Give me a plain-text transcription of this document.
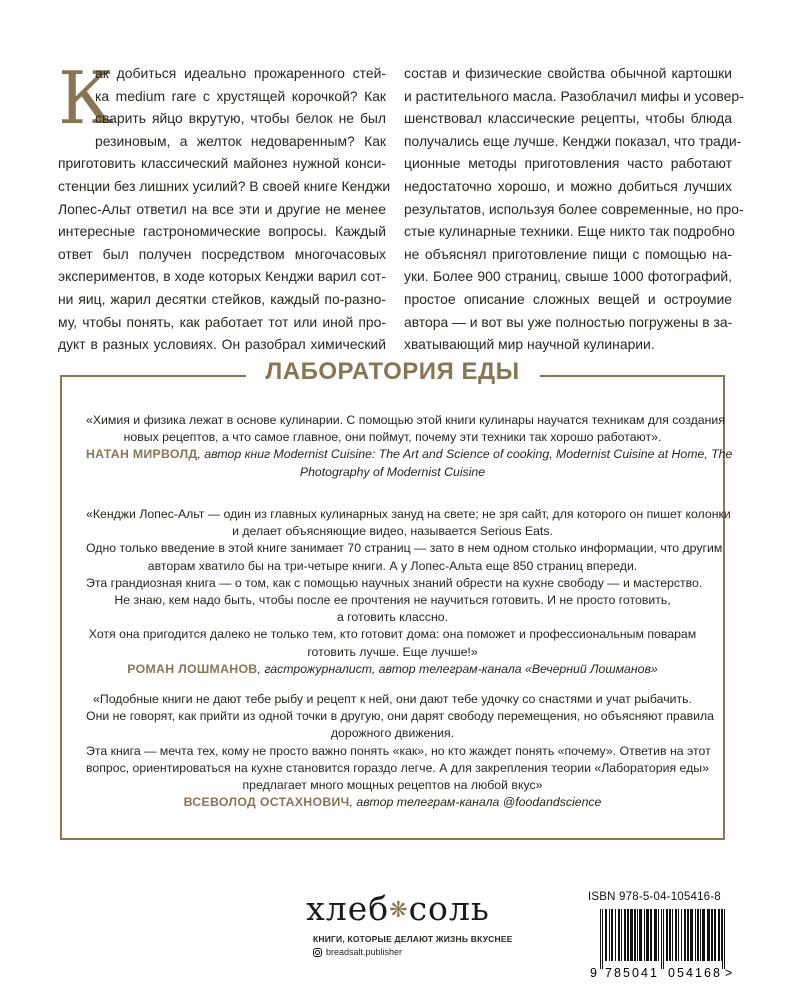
К
ак добиться идеально прожаренного стей-
ка medium rare с хрустящей корочкой? Как
сварить яйцо вкрутую, чтобы белок не был
резиновым, а желток недоваренным? Как
приготовить классический майонез нужной конси-
стенции без лишних усилий? В своей книге Кенджи
Лопес-Альт ответил на все эти и другие не менее
интересные гастрономические вопросы. Каждый
ответ был получен посредством многочасовых
экспериментов, в ходе которых Кенджи варил сот-
ни яиц, жарил десятки стейков, каждый по-разно-
му, чтобы понять, как работает тот или иной про-
дукт в разных условиях. Он разобрал химический
состав и физические свойства обычной картошки
и растительного масла. Разоблачил мифы и усовер-
шенствовал классические рецепты, чтобы блюда
получались еще лучше. Кенджи показал, что тради-
ционные методы приготовления часто работают
недостаточно хорошо, и можно добиться лучших
результатов, используя более современные, но про-
стые кулинарные техники. Еще никто так подробно
не объяснял приготовление пищи с помощью на-
уки. Более 900 страниц, свыше 1000 фотографий,
простое описание сложных вещей и остроумие
автора — и вот вы уже полностью погружены в за-
хватывающий мир научной кулинарии.
ЛАБОРАТОРИЯ ЕДЫ
«Химия и физика лежат в основе кулинарии. С помощью этой книги кулинары научатся техникам для создания
новых рецептов, а что самое главное, они поймут, почему эти техники так хорошо работают».
НАТАН МИРВОЛД, автор книг Modernist Cuisine: The Art and Science of cooking, Modernist Cuisine at Home, The
Photography of Modernist Cuisine
«Кенджи Лопес-Альт — один из главных кулинарных зануд на свете; не зря сайт, для которого он пишет колонки
и делает объясняющие видео, называется Serious Eats.
Одно только введение в этой книге занимает 70 страниц — зато в нем одном столько информации, что другим
авторам хватило бы на три-четыре книги. А у Лопес-Альта еще 850 страниц впереди.
Эта грандиозная книга — о том, как с помощью научных знаний обрести на кухне свободу — и мастерство.
Не знаю, кем надо быть, чтобы после ее прочтения не научиться готовить. И не просто готовить,
а готовить классно.
Хотя она пригодится далеко не только тем, кто готовит дома: она поможет и профессиональным поварам
готовить лучше. Еще лучше!»
РОМАН ЛОШМАНОВ, гастрожурналист, автор телеграм-канала «Вечерний Лошманов»
«Подобные книги не дают тебе рыбу и рецепт к ней, они дают тебе удочку со снастями и учат рыбачить.
Они не говорят, как прийти из одной точки в другую, они дарят свободу перемещения, но объясняют правила
дорожного движения.
Эта книга — мечта тех, кому не просто важно понять «как», но кто жаждет понять «почему». Ответив на этот
вопрос, ориентироваться на кухне становится гораздо легче. А для закрепления теории «Лаборатория еды»
предлагает много мощных рецептов на любой вкус»
ВСЕВОЛОД ОСТАХНОВИЧ, автор телеграм-канала @foodandscience
хлеб❋соль
КНИГИ, КОТОРЫЕ ДЕЛАЮТ ЖИЗНЬ ВКУСНЕЕ
breadsalt.publisher
ISBN 978-5-04-105416-8
9 785041 054168 >
